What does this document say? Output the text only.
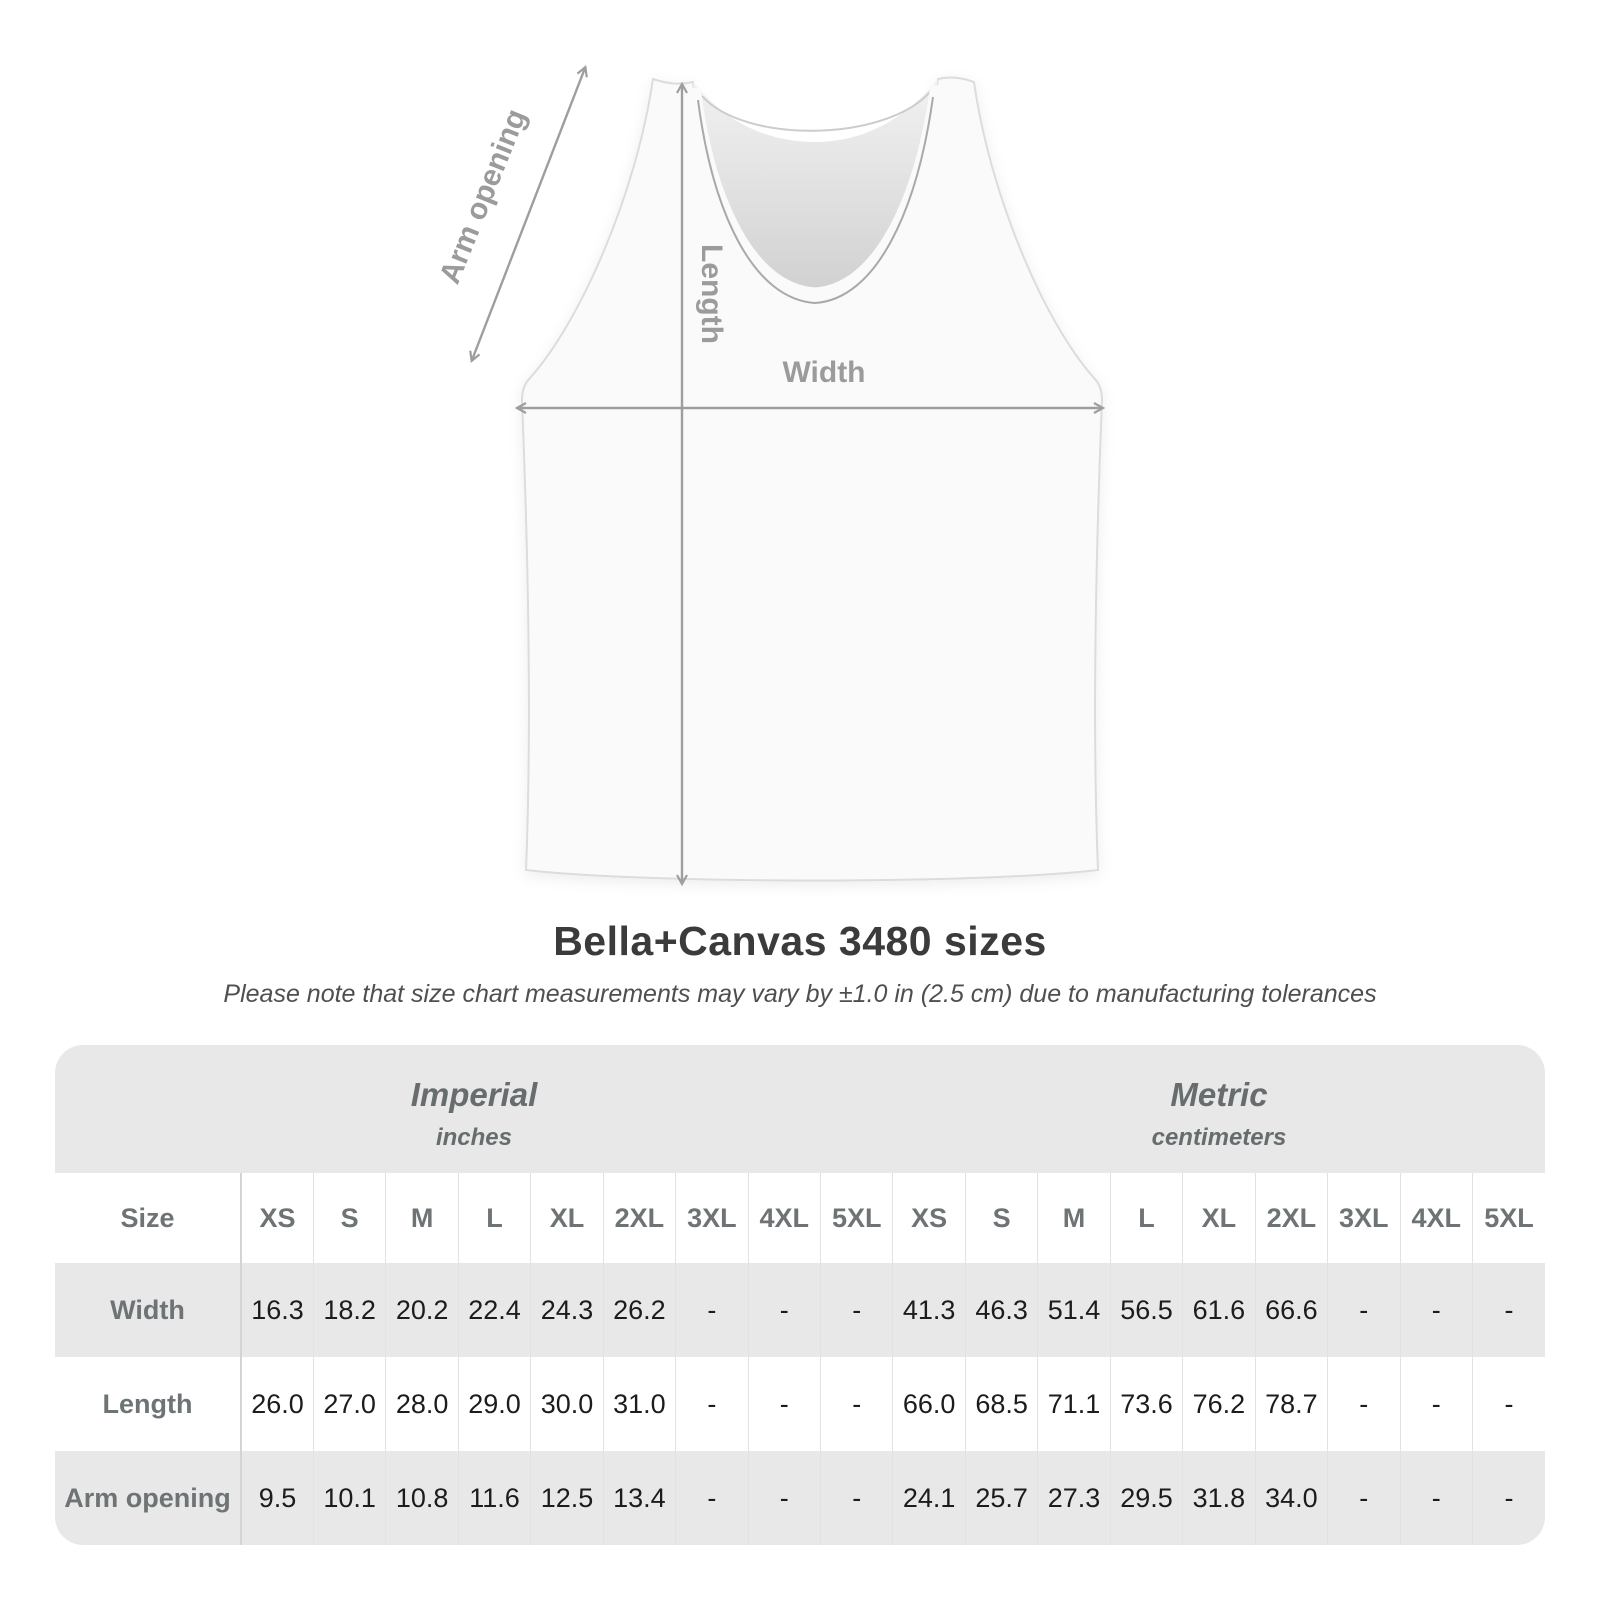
Arm opening
Length
Width
Bella+Canvas 3480 sizes

Please note that size chart measurements may vary by ±1.0 in (2.5 cm) due to manufacturing tolerances

Imperial
inches

Metric
centimeters

Size	XS	S	M	L	XL	2XL	3XL	4XL	5XL	XS	S	M	L	XL	2XL	3XL	4XL	5XL
Width	16.3	18.2	20.2	22.4	24.3	26.2	-	-	-	41.3	46.3	51.4	56.5	61.6	66.6	-	-	-
Length	26.0	27.0	28.0	29.0	30.0	31.0	-	-	-	66.0	68.5	71.1	73.6	76.2	78.7	-	-	-
Arm opening	9.5	10.1	10.8	11.6	12.5	13.4	-	-	-	24.1	25.7	27.3	29.5	31.8	34.0	-	-	-
